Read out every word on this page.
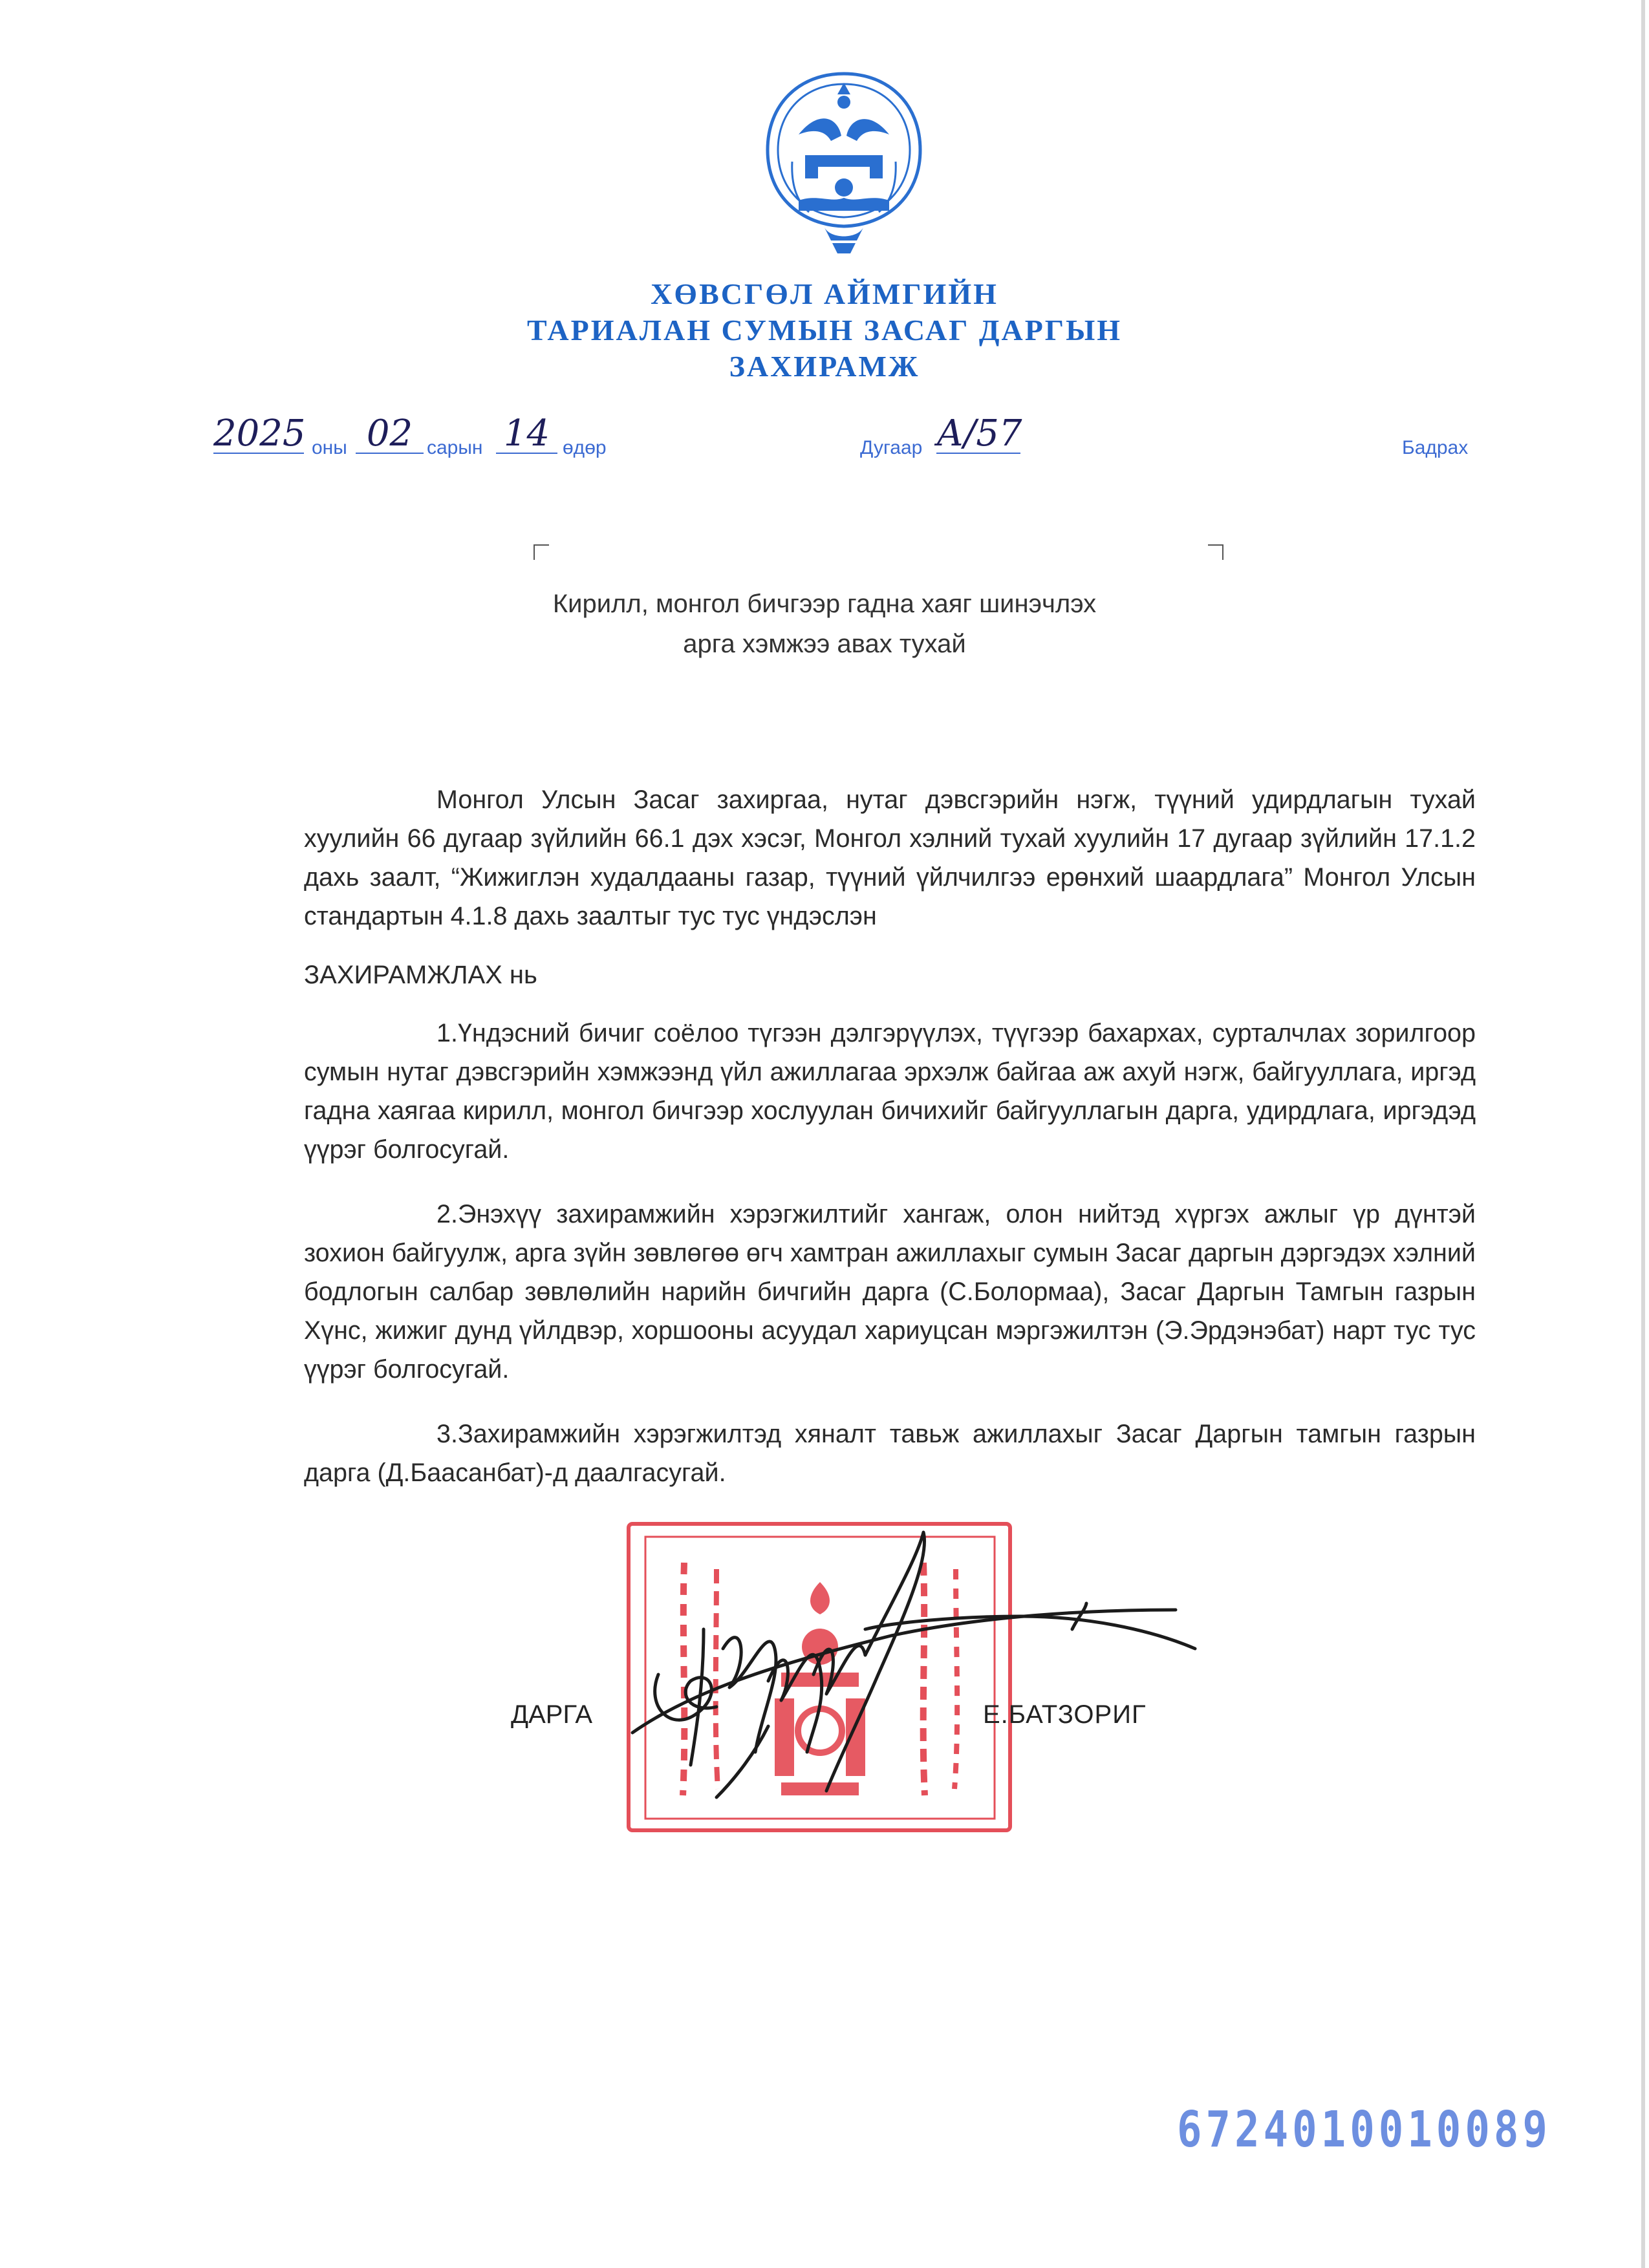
ХӨВСГӨЛ АЙМГИЙН
ТАРИАЛАН СУМЫН ЗАСАГ ДАРГЫН
ЗАХИРАМЖ
2025 оны 02 сарын 14 өдөр	Дугаар А/57	Бадрах
Кирилл, монгол бичгээр гадна хаяг шинэчлэх
арга хэмжээ авах тухай
Монгол Улсын Засаг захиргаа, нутаг дэвсгэрийн нэгж, түүний удирдлагын тухай хуулийн 66 дугаар зүйлийн 66.1 дэх хэсэг, Монгол хэлний тухай хуулийн 17 дугаар зүйлийн 17.1.2 дахь заалт, “Жижиглэн худалдааны газар, түүний үйлчилгээ ерөнхий шаардлага” Монгол Улсын стандартын 4.1.8 дахь заалтыг тус тус үндэслэн
ЗАХИРАМЖЛАХ нь
1.Үндэсний бичиг соёлоо түгээн дэлгэрүүлэх, түүгээр бахархах, сурталчлах зорилгоор сумын нутаг дэвсгэрийн хэмжээнд үйл ажиллагаа эрхэлж байгаа аж ахуй нэгж, байгууллага, иргэд гадна хаягаа кирилл, монгол бичгээр хослуулан бичихийг байгууллагын дарга, удирдлага, иргэдэд үүрэг болгосугай.
2.Энэхүү захирамжийн хэрэгжилтийг хангаж, олон нийтэд хүргэх ажлыг үр дүнтэй зохион байгуулж, арга зүйн зөвлөгөө өгч хамтран ажиллахыг сумын Засаг даргын дэргэдэх хэлний бодлогын салбар зөвлөлийн нарийн бичгийн дарга (С.Болормаа), Засаг Даргын Тамгын газрын Хүнс, жижиг дунд үйлдвэр, хоршооны асуудал хариуцсан мэргэжилтэн (Э.Эрдэнэбат) нарт тус тус үүрэг болгосугай.
3.Захирамжийн хэрэгжилтэд хяналт тавьж ажиллахыг Засаг Даргын тамгын газрын дарга (Д.Баасанбат)-д даалгасугай.
ДАРГА	Е.БАТЗОРИГ
6724010010089
